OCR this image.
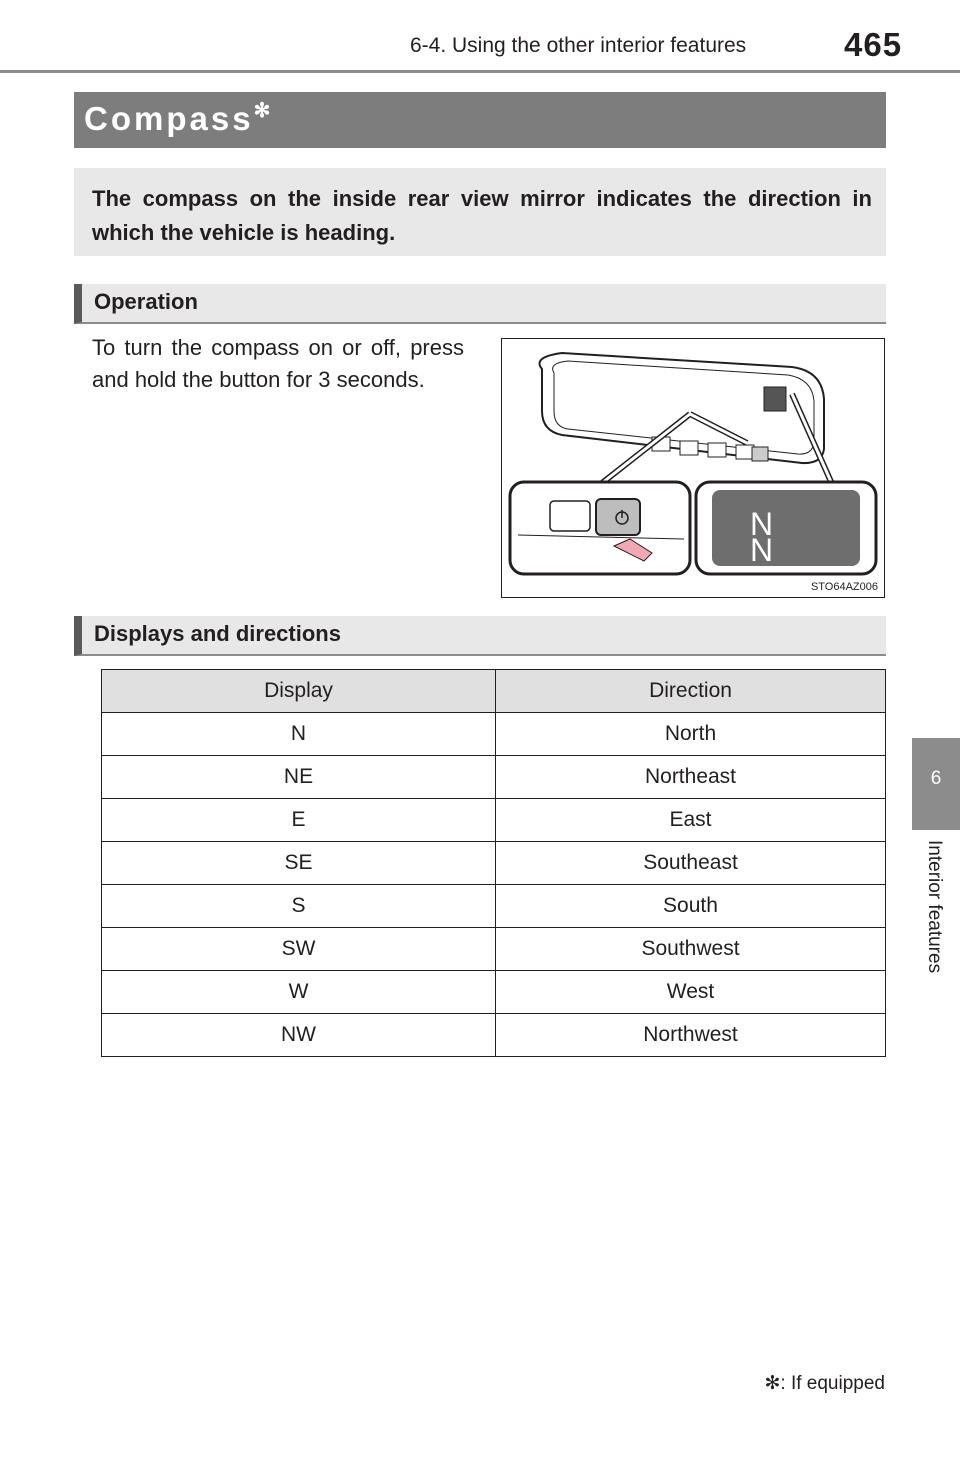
6-4. Using the other interior features	465
6
Interior features
Compass✻

The compass on the inside rear view mirror indicates the direction in which the vehicle is heading.

Operation

To turn the compass on or off, press and hold the button for 3 seconds.

N
N
STO64AZ006
Displays and directions
Display	Direction
N	North
NE	Northeast
E	East
SE	Southeast
S	South
SW	Southwest
W	West
NW	Northwest
✻: If equipped
